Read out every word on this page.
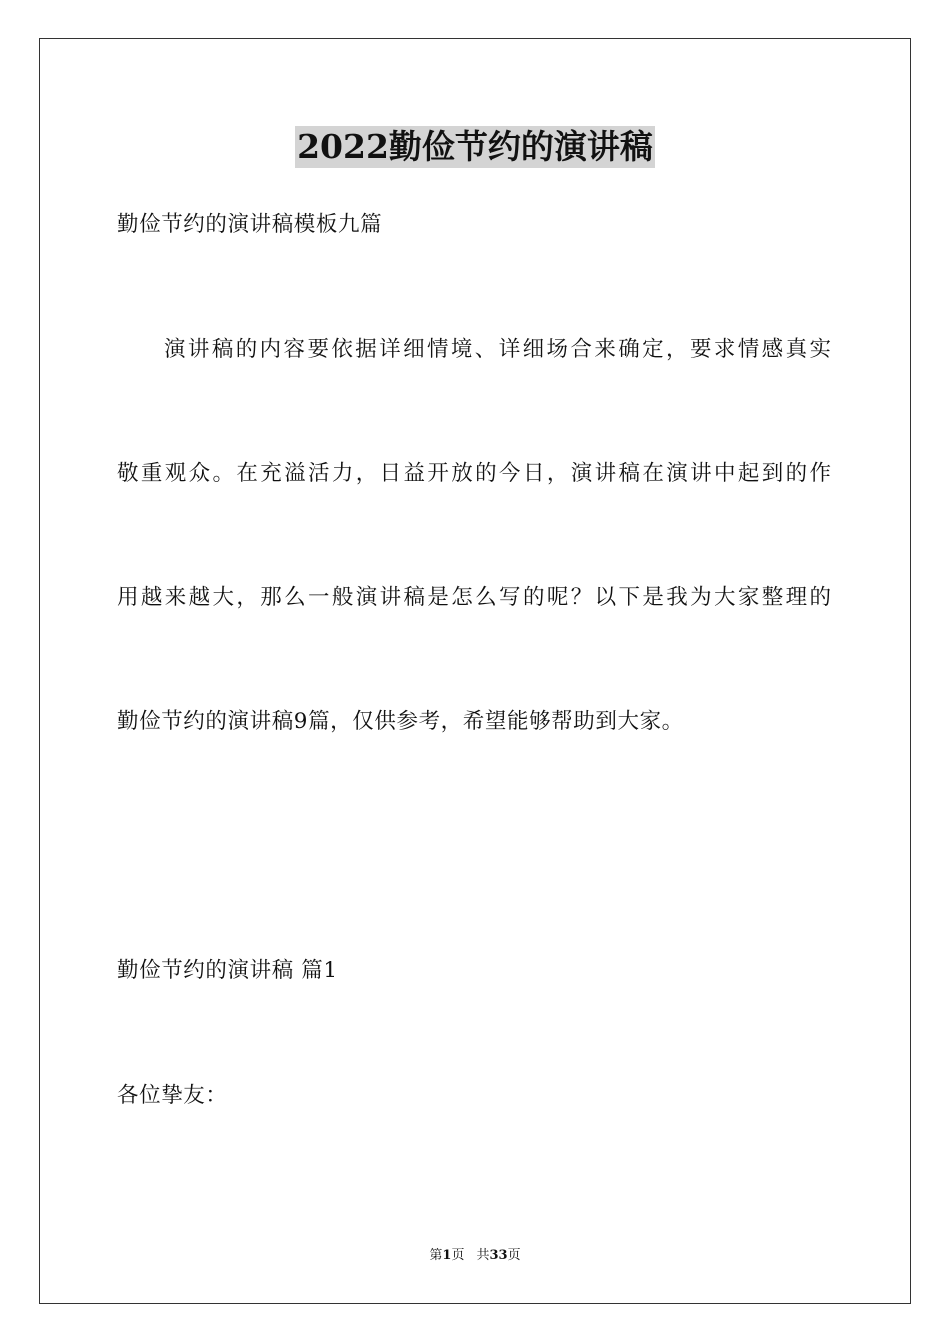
2022勤俭节约的演讲稿
勤俭节约的演讲稿模板九篇
演讲稿的内容要依据详细情境、详细场合来确定，要求情感真实
敬重观众。在充溢活力，日益开放的今日，演讲稿在演讲中起到的作
用越来越大，那么一般演讲稿是怎么写的呢？以下是我为大家整理的
勤俭节约的演讲稿9篇，仅供参考，希望能够帮助到大家。
勤俭节约的演讲稿 篇1
各位挚友：
第1页 共33页
